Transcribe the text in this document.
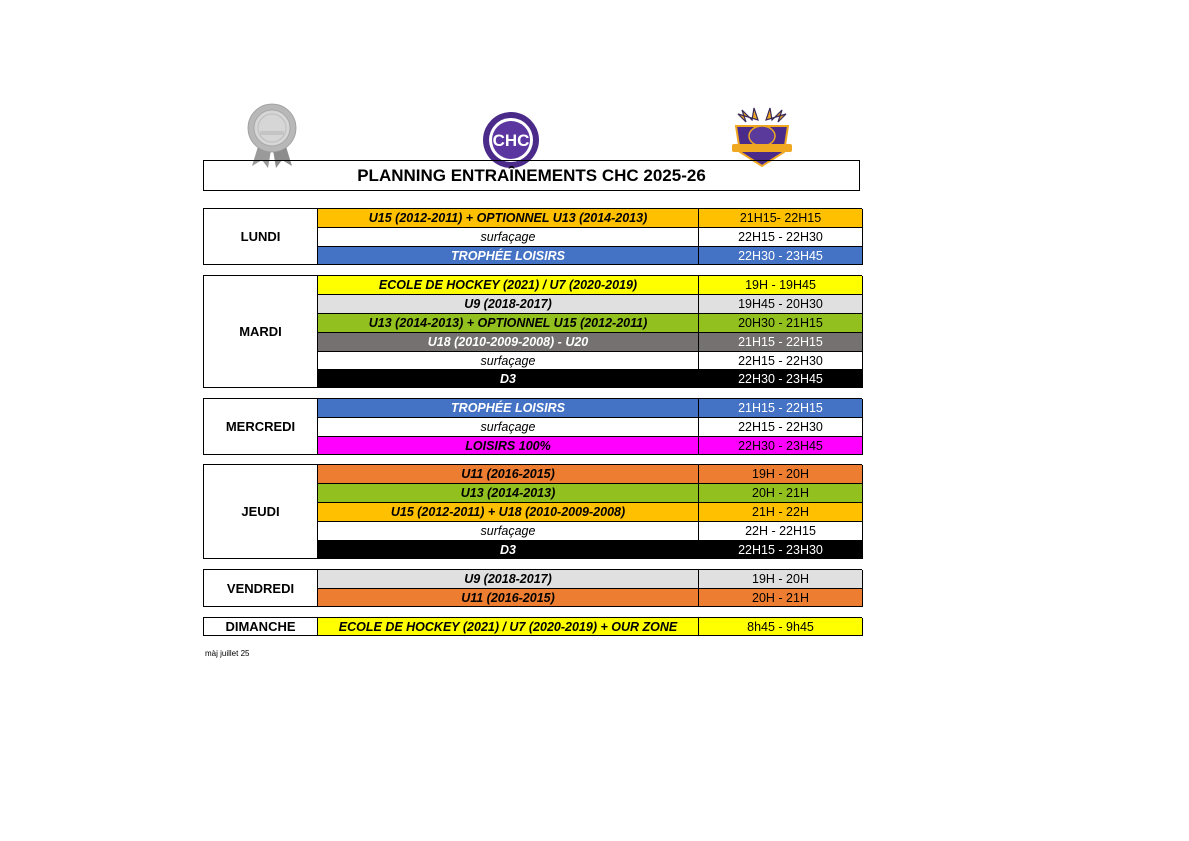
CHC
PLANNING ENTRAÎNEMENTS CHC 2025-26
LUNDI
U15 (2012-2011) + OPTIONNEL U13 (2014-2013)	21H15- 22H15
surfaçage	22H15 - 22H30
TROPHÉE LOISIRS	22H30 - 23H45
MARDI
ECOLE DE HOCKEY (2021) / U7 (2020-2019)	19H - 19H45
U9 (2018-2017)	19H45 - 20H30
U13 (2014-2013) + OPTIONNEL U15 (2012-2011)	20H30 - 21H15
U18 (2010-2009-2008) - U20	21H15 - 22H15
surfaçage	22H15 - 22H30
D3	22H30 - 23H45
MERCREDI
TROPHÉE LOISIRS	21H15 - 22H15
surfaçage	22H15 - 22H30
LOISIRS 100%	22H30 - 23H45
JEUDI
U11 (2016-2015)	19H - 20H
U13 (2014-2013)	20H - 21H
U15 (2012-2011) + U18 (2010-2009-2008)	21H - 22H
surfaçage	22H - 22H15
D3	22H15 - 23H30
VENDREDI
U9 (2018-2017)	19H - 20H
U11 (2016-2015)	20H - 21H
DIMANCHE	ECOLE DE HOCKEY (2021) / U7 (2020-2019) + OUR ZONE	8h45 - 9h45
màj juillet 25
